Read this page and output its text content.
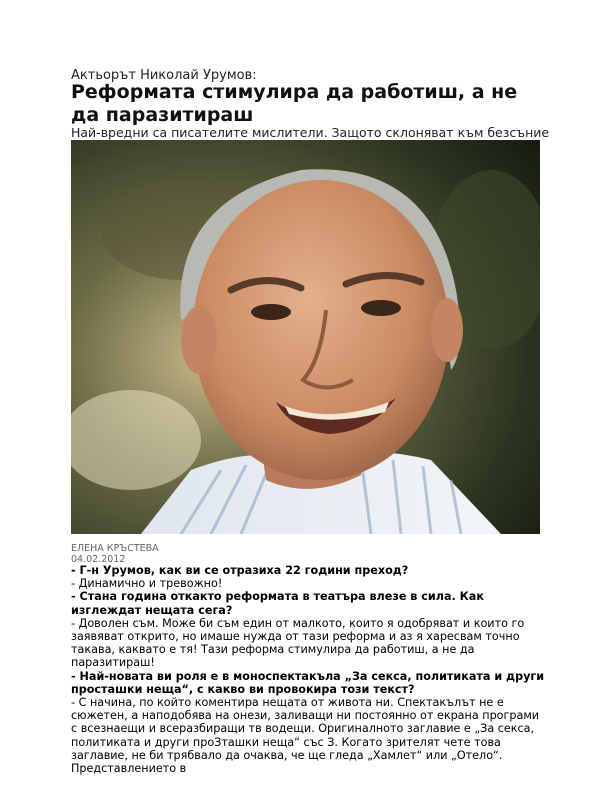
Актьорът Николай Урумов:
Реформата стимулира да работиш, а не да паразитираш
Най-вредни са писателите мислители. Защото склоняват към безсъние
ЕЛЕНА КРЪСТЕВА
04.02.2012

- Г-н Урумов, как ви се отразиха 22 години преход?

- Динамично и тревожно!

- Стана година откакто реформата в театъра влезе в сила. Как изглеждат нещата сега?

- Доволен съм. Може би съм един от малкото, които я одобряват и които го заявяват открито, но имаше нужда от тази реформа и аз я харесвам точно такава, каквато е тя! Тази реформа стимулира да работиш, а не да паразитираш!

- Най-новата ви роля е в моноспектакъла „За секса, политиката и други просташки неща“, с какво ви провокира този текст?

- С начина, по който коментира нещата от живота ни. Спектакълът не е сюжетен, а наподобява на онези, заливащи ни постоянно от екрана програми с всезнаещи и всеразбиращи тв водещи. Оригиналното заглавие е „За секса, политиката и други проЗташки неща“ със З. Когато зрителят чете това заглавие, не би трябвало да очаква, че ще гледа „Хамлет“ или „Отело“. Представлението в
